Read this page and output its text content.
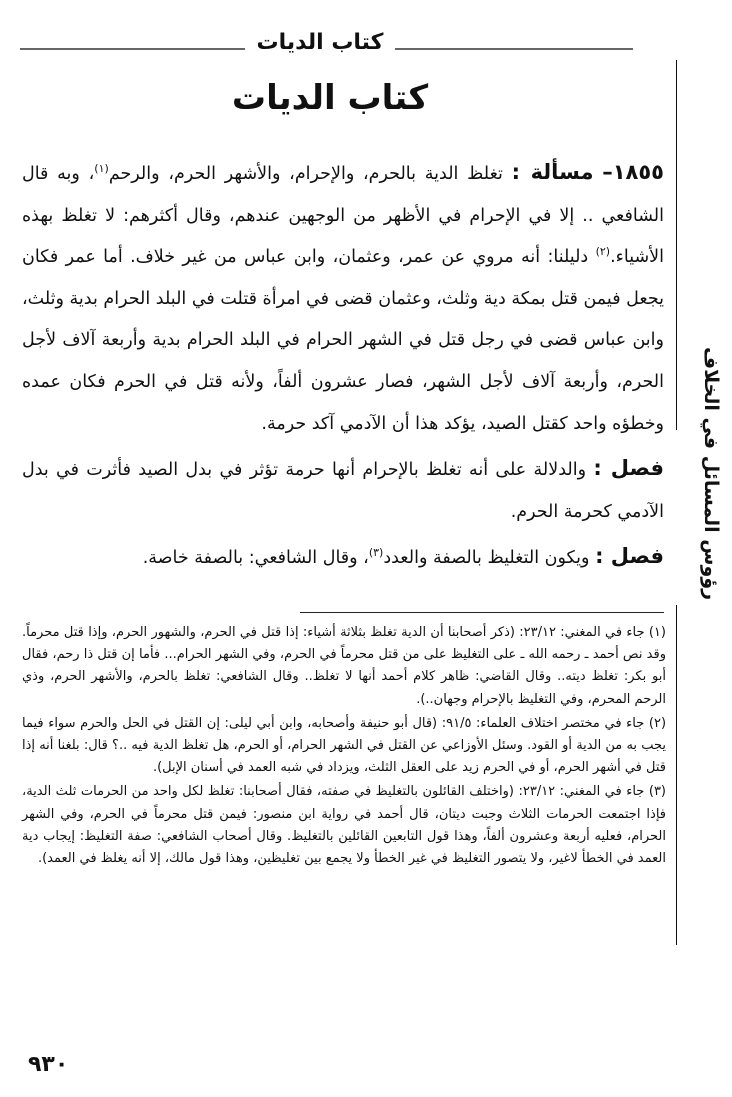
كتاب الديات
كتاب الديات
رؤوس المسائل في الخلاف

١٨٥٥– مسألة : تغلظ الدية بالحرم، والإحرام، والأشهر الحرم، والرحم$^{(١)}$، وبه قال الشافعي .. إلا في الإحرام في الأظهر من الوجهين عندهم، وقال أكثرهم: لا تغلظ بهذه الأشياء.$^{(٢)}$ دليلنا: أنه مروي عن عمر، وعثمان، وابن عباس من غير خلاف. أما عمر فكان يجعل فيمن قتل بمكة دية وثلث، وعثمان قضى في امرأة قتلت في البلد الحرام بدية وثلث، وابن عباس قضى في رجل قتل في الشهر الحرام في البلد الحرام بدية وأربعة آلاف لأجل الحرم، وأربعة آلاف لأجل الشهر، فصار عشرون ألفاً، ولأنه قتل في الحرم فكان عمده وخطؤه واحد كقتل الصيد، يؤكد هذا أن الآدمي آكد حرمة.

فصل : والدلالة على أنه تغلظ بالإحرام أنها حرمة تؤثر في بدل الصيد فأثرت في بدل الآدمي كحرمة الحرم.

فصل : ويكون التغليظ بالصفة والعدد$^{(٣)}$، وقال الشافعي: بالصفة خاصة.

(١) جاء في المغني: ٢٣/١٢: (ذكر أصحابنا أن الدية تغلظ بثلاثة أشياء: إذا قتل في الحرم، والشهور الحرم، وإذا قتل محرماً. وقد نص أحمد ـ رحمه الله ـ على التغليظ على من قتل محرماً في الحرم، وفي الشهر الحرام... فأما إن قتل ذا رحم، فقال أبو بكر: تغلظ ديته.. وقال القاضي: ظاهر كلام أحمد أنها لا تغلظ.. وقال الشافعي: تغلظ بالحرم، والأشهر الحرم، وذي الرحم المحرم، وفي التغليظ بالإحرام وجهان..).

(٢) جاء في مختصر اختلاف العلماء: ٩١/٥: (قال أبو حنيفة وأصحابه، وابن أبي ليلى: إن القتل في الحل والحرم سواء فيما يجب به من الدية أو القود. وسئل الأوزاعي عن القتل في الشهر الحرام، أو الحرم، هل تغلظ الدية فيه ..؟ قال: بلغنا أنه إذا قتل في أشهر الحرم، أو في الحرم زيد على العقل الثلث، ويزداد في شبه العمد في أسنان الإبل).

(٣) جاء في المغني: ٢٣/١٢: (واختلف القائلون بالتغليظ في صفته، فقال أصحابنا: تغلظ لكل واحد من الحرمات ثلث الدية، فإذا اجتمعت الحرمات الثلاث وجبت ديتان، قال أحمد في رواية ابن منصور: فيمن قتل محرماً في الحرم، وفي الشهر الحرام، فعليه أربعة وعشرون ألفاً، وهذا قول التابعين القائلين بالتغليظ. وقال أصحاب الشافعي: صفة التغليظ: إيجاب دية العمد في الخطأ لاغير، ولا يتصور التغليظ في غير الخطأ ولا يجمع بين تغليظين، وهذا قول مالك، إلا أنه يغلظ في العمد).

٩٣٠
